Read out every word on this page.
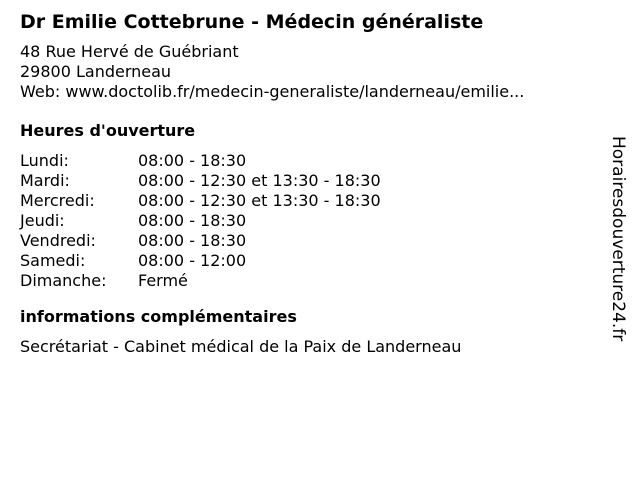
Dr Emilie Cottebrune - Médecin généraliste
48 Rue Hervé de Guébriant
29800 Landerneau
Web: www.doctolib.fr/medecin-generaliste/landerneau/emilie...
Heures d'ouverture
Lundi:	08:00 - 18:30
Mardi:	08:00 - 12:30 et 13:30 - 18:30
Mercredi:	08:00 - 12:30 et 13:30 - 18:30
Jeudi:	08:00 - 18:30
Vendredi:	08:00 - 18:30
Samedi:	08:00 - 12:00
Dimanche:	Fermé
informations complémentaires
Secrétariat - Cabinet médical de la Paix de Landerneau
Horairesdouverture24.fr
